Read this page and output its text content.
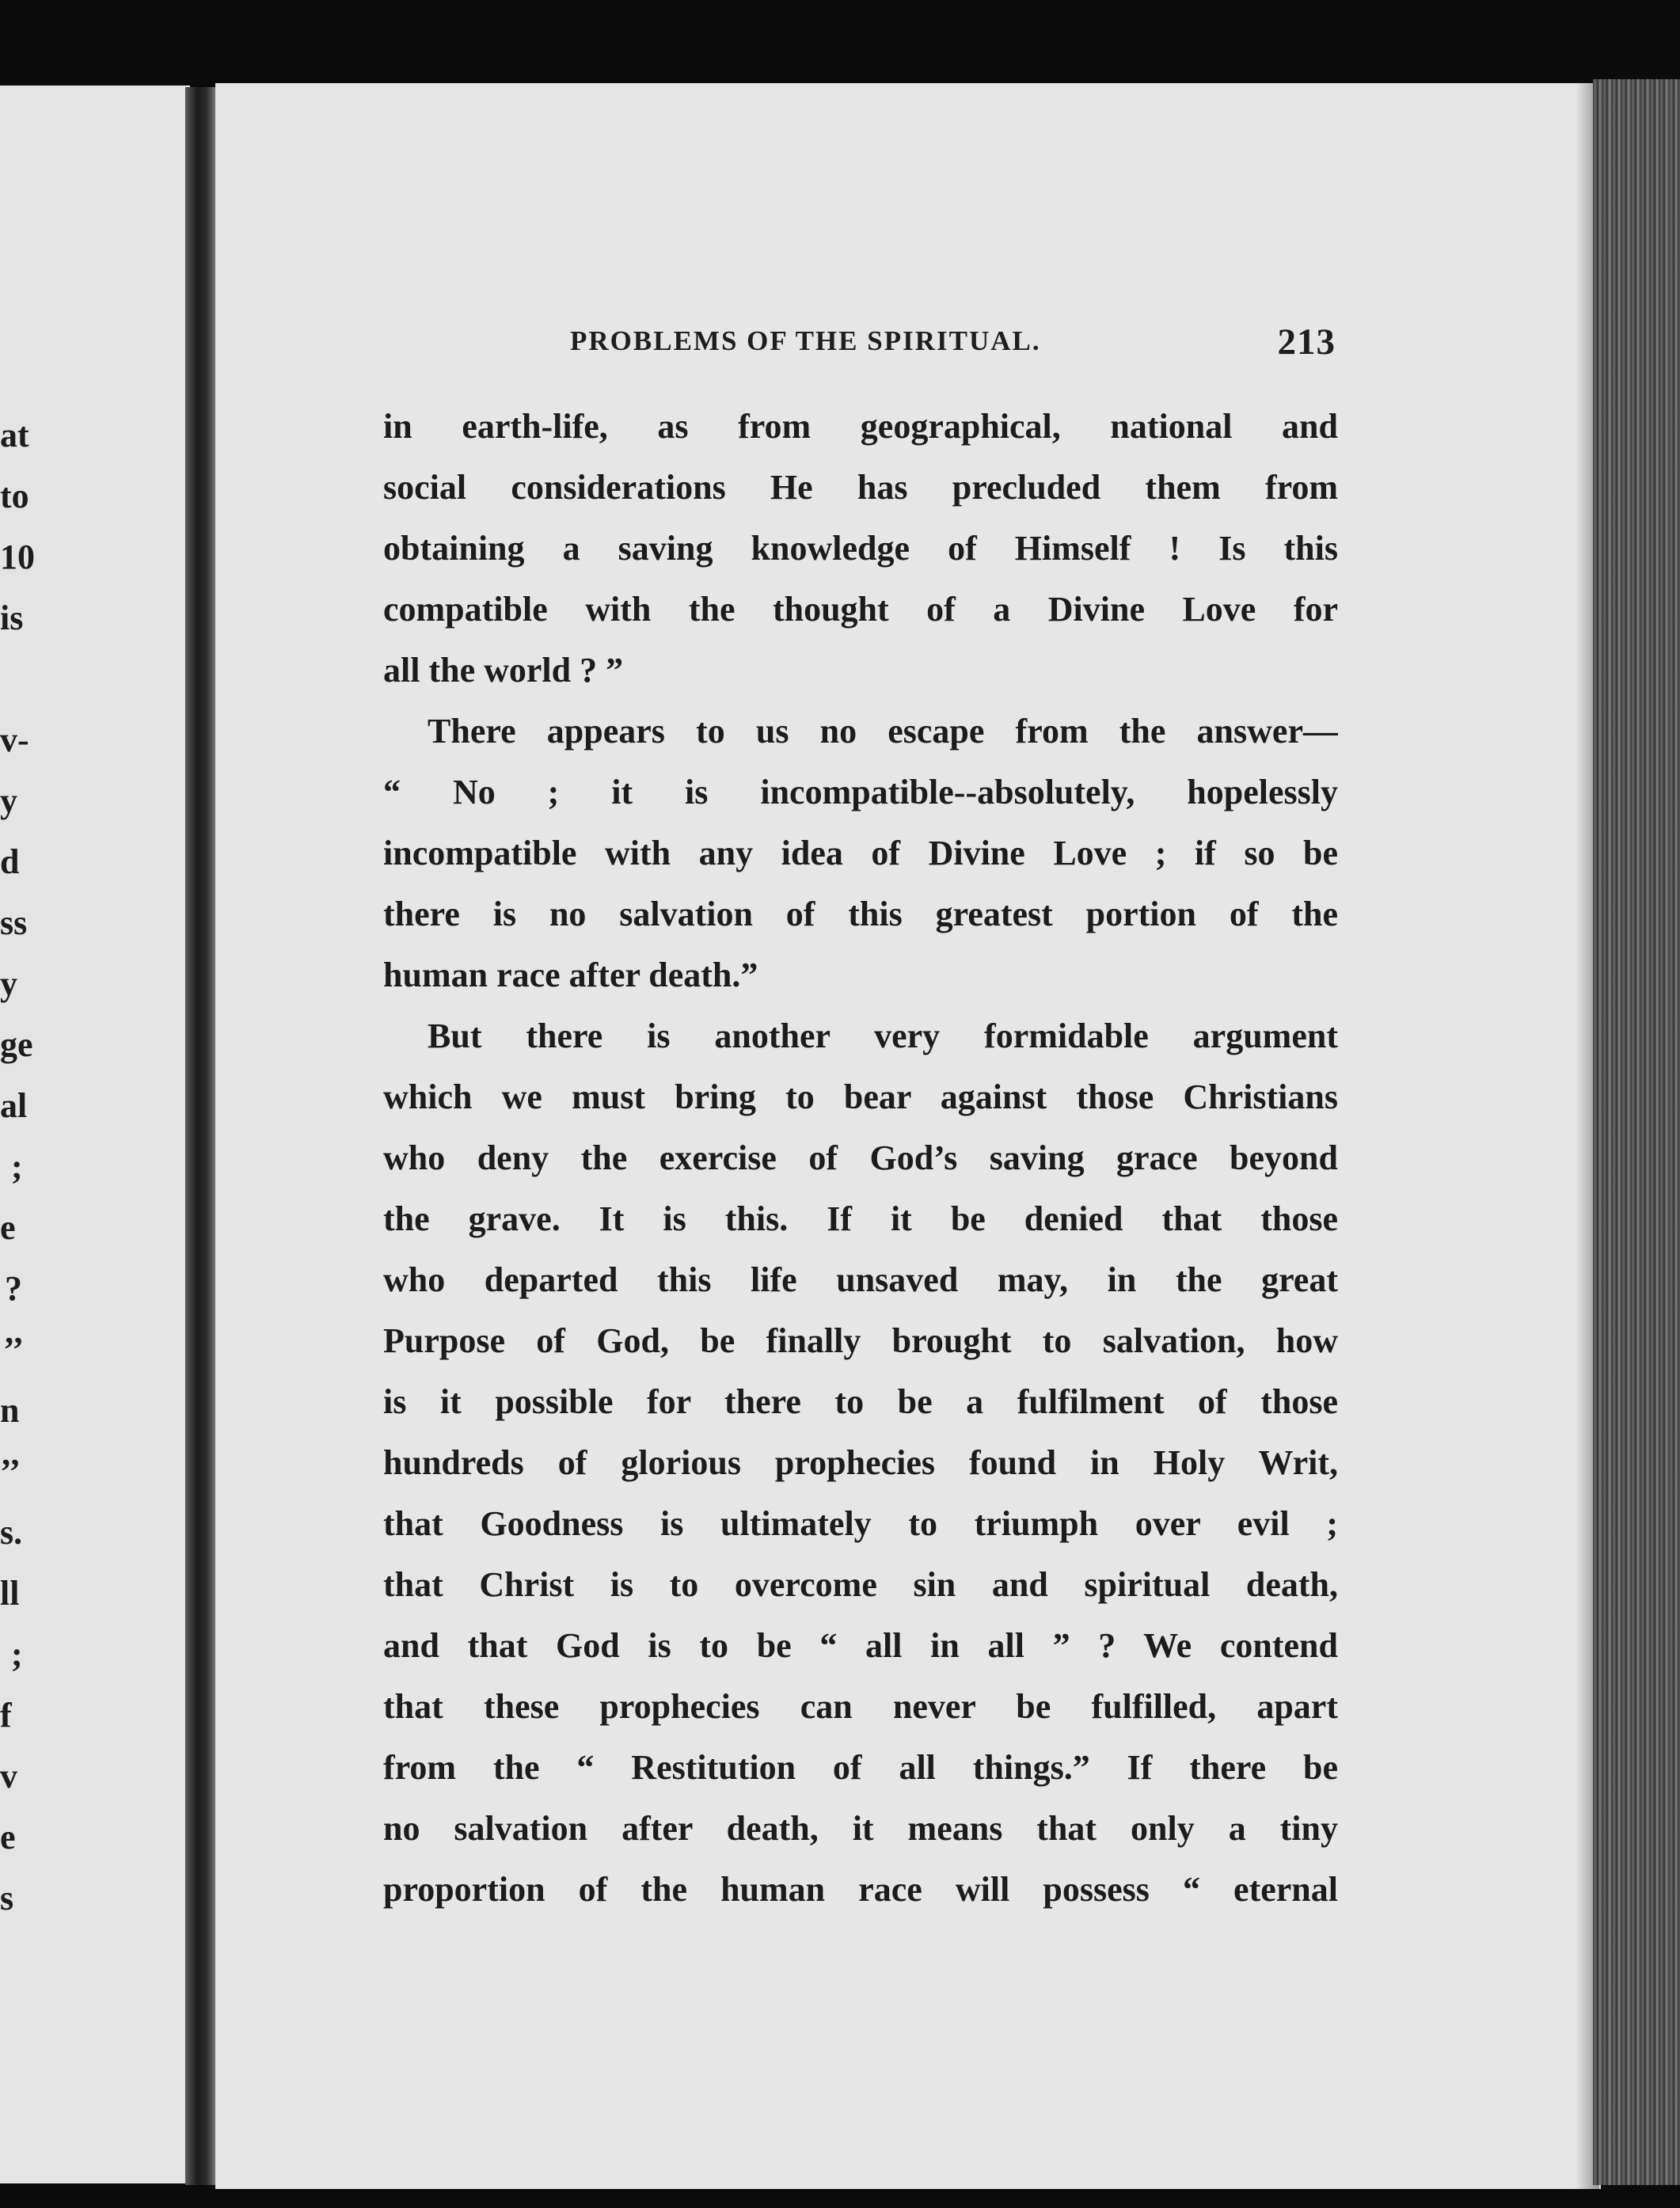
at
to
10
is
v-
y
d
ss
y
ge
al
;
e
?
’’
n
’’
s.
ll
;
f
v
e
s
PROBLEMS OF THE SPIRITUAL.	213
in earth-life, as from geographical, national and
social considerations He has precluded them from
obtaining a saving knowledge of Himself ! Is this
compatible with the thought of a Divine Love for
all the world ? ”
There appears to us no escape from the answer—
“ No ; it is incompatible--absolutely, hopelessly
incompatible with any idea of Divine Love ; if so be
there is no salvation of this greatest portion of the
human race after death.”
But there is another very formidable argument
which we must bring to bear against those Christians
who deny the exercise of God’s saving grace beyond
the grave. It is this. If it be denied that those
who departed this life unsaved may, in the great
Purpose of God, be finally brought to salvation, how
is it possible for there to be a fulfilment of those
hundreds of glorious prophecies found in Holy Writ,
that Goodness is ultimately to triumph over evil ;
that Christ is to overcome sin and spiritual death,
and that God is to be “ all in all ” ? We contend
that these prophecies can never be fulfilled, apart
from the “ Restitution of all things.” If there be
no salvation after death, it means that only a tiny
proportion of the human race will possess “ eternal
